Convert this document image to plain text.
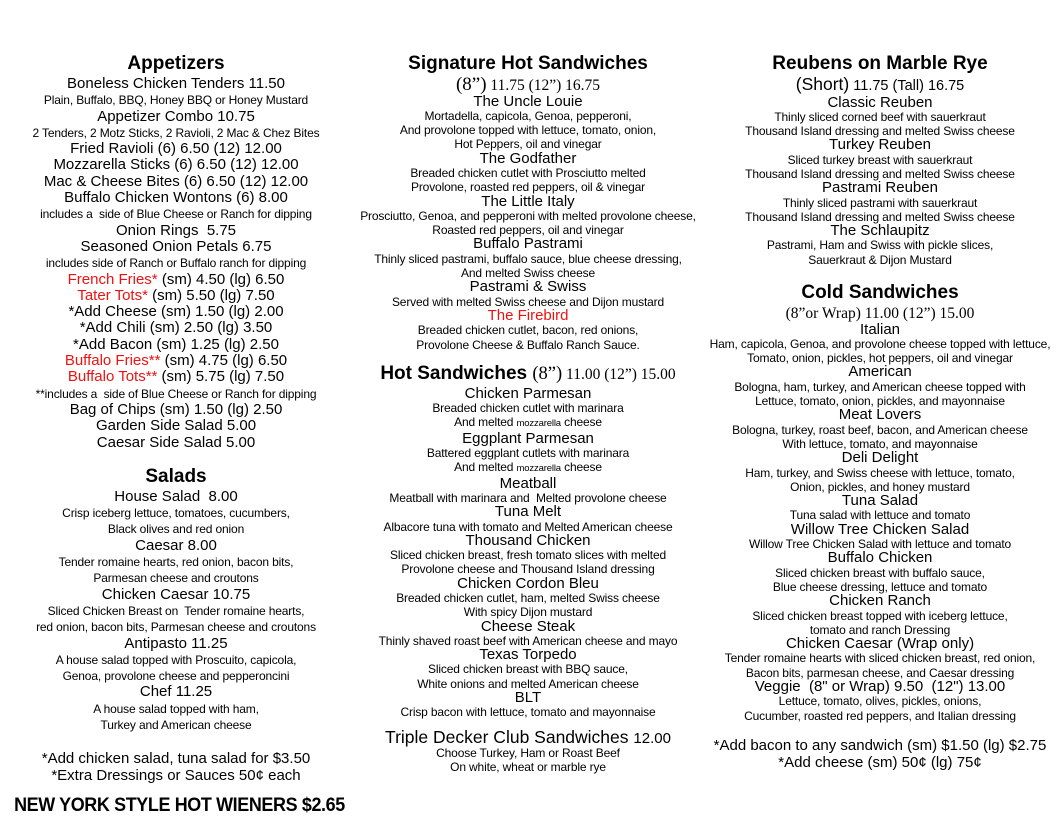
Appetizers
Boneless Chicken Tenders 11.50
Plain, Buffalo, BBQ, Honey BBQ or Honey Mustard
Appetizer Combo 10.75
2 Tenders, 2 Motz Sticks, 2 Ravioli, 2 Mac & Chez Bites
Fried Ravioli (6) 6.50 (12) 12.00
Mozzarella Sticks (6) 6.50 (12) 12.00
Mac & Cheese Bites (6) 6.50 (12) 12.00
Buffalo Chicken Wontons (6) 8.00
includes a  side of Blue Cheese or Ranch for dipping
Onion Rings  5.75
Seasoned Onion Petals 6.75
includes side of Ranch or Buffalo ranch for dipping
French Fries* (sm) 4.50 (lg) 6.50
Tater Tots* (sm) 5.50 (lg) 7.50
*Add Cheese (sm) 1.50 (lg) 2.00
*Add Chili (sm) 2.50 (lg) 3.50
*Add Bacon (sm) 1.25 (lg) 2.50
Buffalo Fries** (sm) 4.75 (lg) 6.50
Buffalo Tots** (sm) 5.75 (lg) 7.50
**includes a  side of Blue Cheese or Ranch for dipping
Bag of Chips (sm) 1.50 (lg) 2.50
Garden Side Salad 5.00
Caesar Side Salad 5.00
Salads
House Salad  8.00
Crisp iceberg lettuce, tomatoes, cucumbers,
Black olives and red onion
Caesar 8.00
Tender romaine hearts, red onion, bacon bits,
Parmesan cheese and croutons
Chicken Caesar 10.75
Sliced Chicken Breast on  Tender romaine hearts,
red onion, bacon bits, Parmesan cheese and croutons
Antipasto 11.25
A house salad topped with Proscuito, capicola,
Genoa, provolone cheese and pepperoncini
Chef 11.25
A house salad topped with ham,
Turkey and American cheese
*Add chicken salad, tuna salad for $3.50
*Extra Dressings or Sauces 50¢ each
NEW YORK STYLE HOT WIENERS $2.65
Signature Hot Sandwiches
(8”) 11.75 (12”) 16.75
The Uncle Louie
Mortadella, capicola, Genoa, pepperoni,
And provolone topped with lettuce, tomato, onion,
Hot Peppers, oil and vinegar
The Godfather
Breaded chicken cutlet with Prosciutto melted
Provolone, roasted red peppers, oil & vinegar
The Little Italy
Prosciutto, Genoa, and pepperoni with melted provolone cheese,
Roasted red peppers, oil and vinegar
Buffalo Pastrami
Thinly sliced pastrami, buffalo sauce, blue cheese dressing,
And melted Swiss cheese
Pastrami & Swiss
Served with melted Swiss cheese and Dijon mustard
The Firebird
Breaded chicken cutlet, bacon, red onions,
Provolone Cheese & Buffalo Ranch Sauce.
Hot Sandwiches (8”) 11.00 (12”) 15.00
Chicken Parmesan
Breaded chicken cutlet with marinara
And melted mozzarella cheese
Eggplant Parmesan
Battered eggplant cutlets with marinara
And melted mozzarella cheese
Meatball
Meatball with marinara and  Melted provolone cheese
Tuna Melt
Albacore tuna with tomato and Melted American cheese
Thousand Chicken
Sliced chicken breast, fresh tomato slices with melted
Provolone cheese and Thousand Island dressing
Chicken Cordon Bleu
Breaded chicken cutlet, ham, melted Swiss cheese
With spicy Dijon mustard
Cheese Steak
Thinly shaved roast beef with American cheese and mayo
Texas Torpedo
Sliced chicken breast with BBQ sauce,
White onions and melted American cheese
BLT
Crisp bacon with lettuce, tomato and mayonnaise
Triple Decker Club Sandwiches 12.00
Choose Turkey, Ham or Roast Beef
On white, wheat or marble rye
Reubens on Marble Rye
(Short) 11.75 (Tall) 16.75
Classic Reuben
Thinly sliced corned beef with sauerkraut
Thousand Island dressing and melted Swiss cheese
Turkey Reuben
Sliced turkey breast with sauerkraut
Thousand Island dressing and melted Swiss cheese
Pastrami Reuben
Thinly sliced pastrami with sauerkraut
Thousand Island dressing and melted Swiss cheese
The Schlaupitz
Pastrami, Ham and Swiss with pickle slices,
Sauerkraut & Dijon Mustard
Cold Sandwiches
(8”or Wrap) 11.00 (12”) 15.00
Italian
Ham, capicola, Genoa, and provolone cheese topped with lettuce,
Tomato, onion, pickles, hot peppers, oil and vinegar
American
Bologna, ham, turkey, and American cheese topped with
Lettuce, tomato, onion, pickles, and mayonnaise
Meat Lovers
Bologna, turkey, roast beef, bacon, and American cheese
With lettuce, tomato, and mayonnaise
Deli Delight
Ham, turkey, and Swiss cheese with lettuce, tomato,
Onion, pickles, and honey mustard
Tuna Salad
Tuna salad with lettuce and tomato
Willow Tree Chicken Salad
Willow Tree Chicken Salad with lettuce and tomato
Buffalo Chicken
Sliced chicken breast with buffalo sauce,
Blue cheese dressing, lettuce and tomato
Chicken Ranch
Sliced chicken breast topped with iceberg lettuce,
tomato and ranch Dressing
Chicken Caesar (Wrap only)
Tender romaine hearts with sliced chicken breast, red onion,
Bacon bits, parmesan cheese, and Caesar dressing
Veggie  (8" or Wrap) 9.50  (12") 13.00
Lettuce, tomato, olives, pickles, onions,
Cucumber, roasted red peppers, and Italian dressing
*Add bacon to any sandwich (sm) $1.50 (lg) $2.75
*Add cheese (sm) 50¢ (lg) 75¢
